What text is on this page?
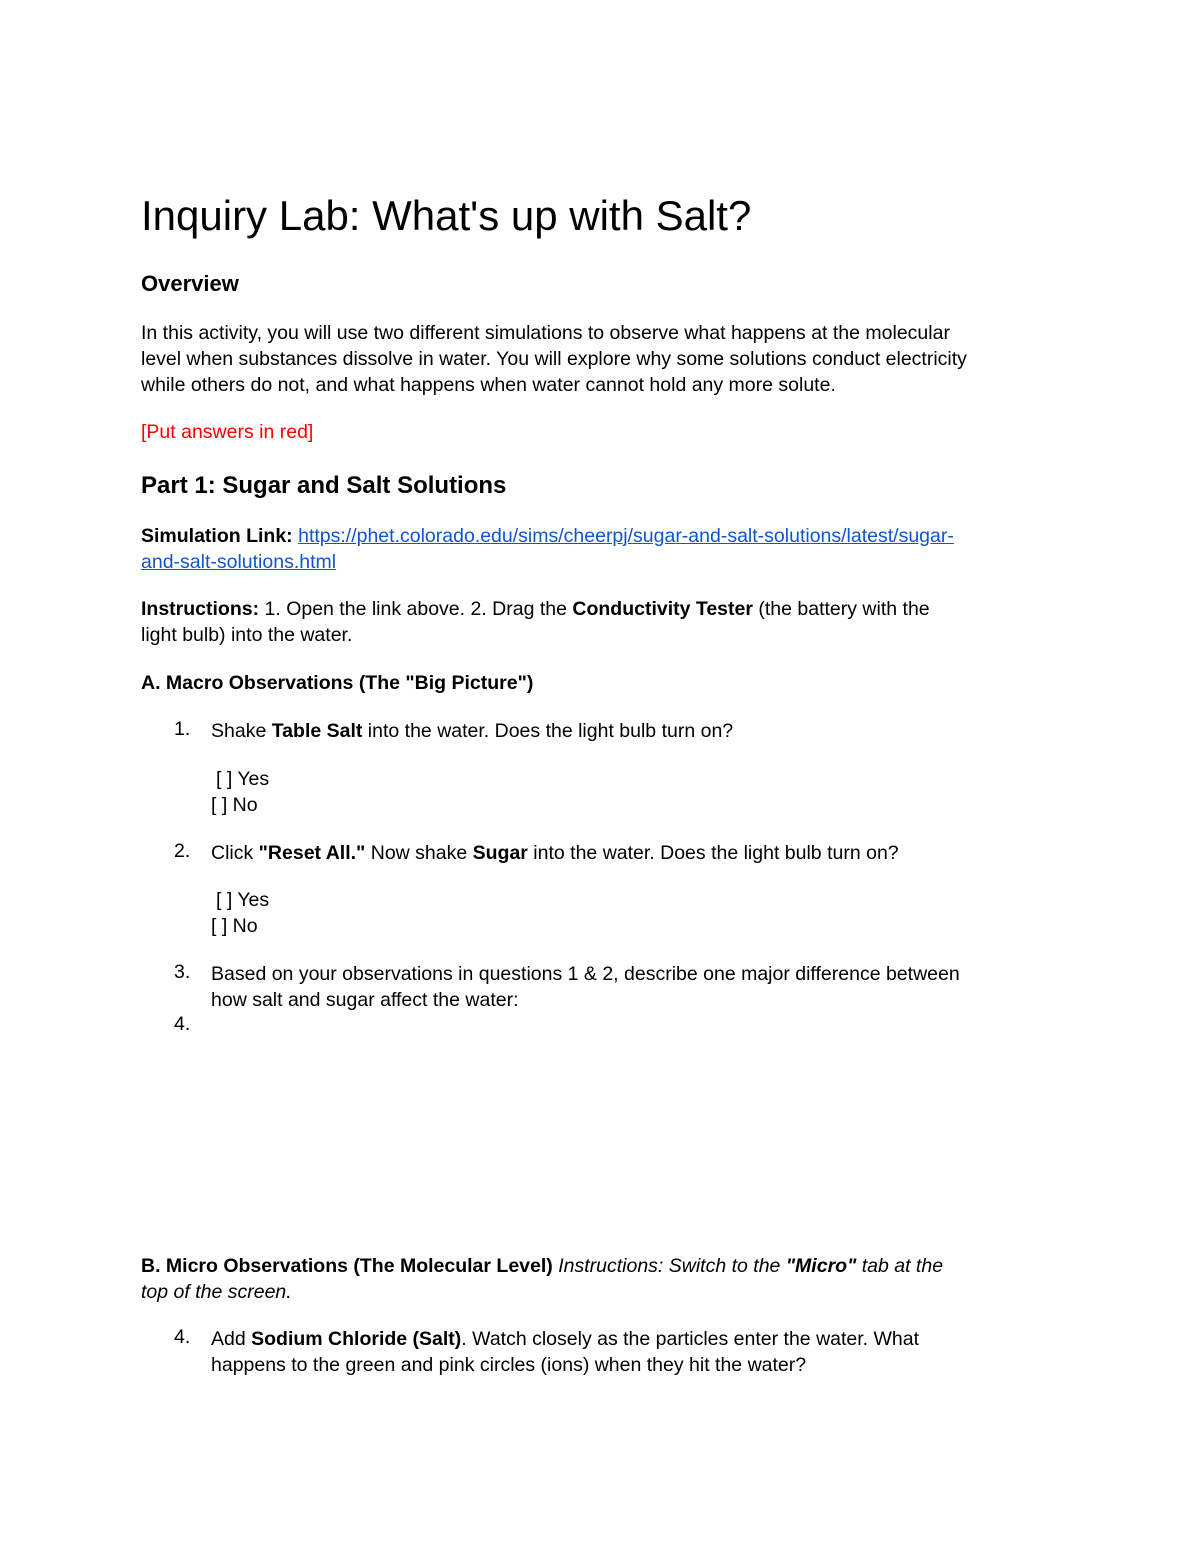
Inquiry Lab: What's up with Salt?
Overview
In this activity, you will use two different simulations to observe what happens at the molecular
level when substances dissolve in water. You will explore why some solutions conduct electricity
while others do not, and what happens when water cannot hold any more solute.
[Put answers in red]
Part 1: Sugar and Salt Solutions
Simulation Link: https://phet.colorado.edu/sims/cheerpj/sugar-and-salt-solutions/latest/sugar-
and-salt-solutions.html
Instructions: 1. Open the link above. 2. Drag the Conductivity Tester (the battery with the
light bulb) into the water.
A. Macro Observations (The "Big Picture")
1. Shake Table Salt into the water. Does the light bulb turn on?
[ ] Yes
[ ] No
2. Click "Reset All." Now shake Sugar into the water. Does the light bulb turn on?
[ ] Yes
[ ] No
3. Based on your observations in questions 1 & 2, describe one major difference between
how salt and sugar affect the water:
4.
B. Micro Observations (The Molecular Level) Instructions: Switch to the "Micro" tab at the
top of the screen.
4. Add Sodium Chloride (Salt). Watch closely as the particles enter the water. What
happens to the green and pink circles (ions) when they hit the water?
